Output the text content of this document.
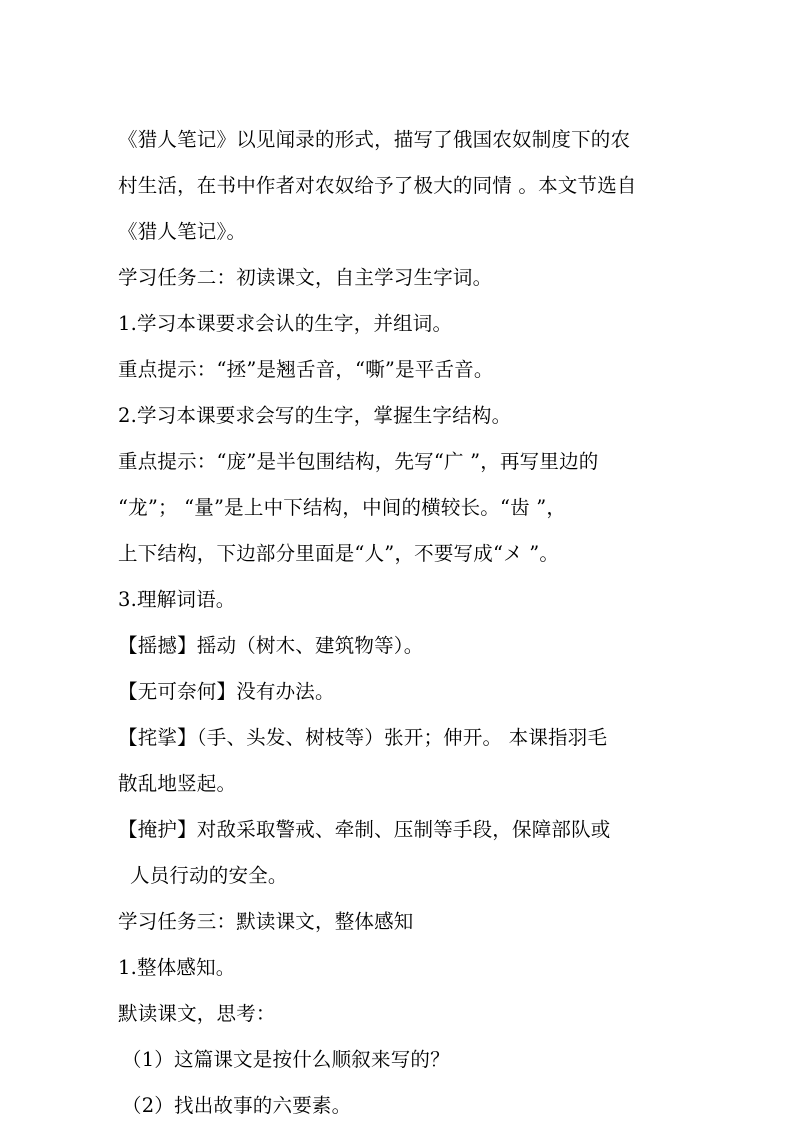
《猎人笔记》以见闻录的形式，描写了俄国农奴制度下的农
村生活，在书中作者对农奴给予了极大的同情 。本文节选自
《猎人笔记》。
学习任务二：初读课文，自主学习生字词。
1.学习本课要求会认的生字，并组词。
重点提示：“拯”是翘舌音，“嘶”是平舌音。
2.学习本课要求会写的生字，掌握生字结构。
重点提示：“庞”是半包围结构，先写“广 ”，再写里边的
“龙”； “量”是上中下结构，中间的横较长。“齿 ”，
上下结构，下边部分里面是“人”，不要写成“メ ”。
3.理解词语。
【摇撼】摇动（树木、建筑物等）。
【无可奈何】没有办法。
【挓挲】（手、头发、树枝等）张开；伸开。 本课指羽毛
散乱地竖起。
【掩护】对敌采取警戒、牵制、压制等手段，保障部队或
人员行动的安全。
学习任务三：默读课文，整体感知
1.整体感知。
默读课文，思考：
（1）这篇课文是按什么顺叙来写的？
（2）找出故事的六要素。
